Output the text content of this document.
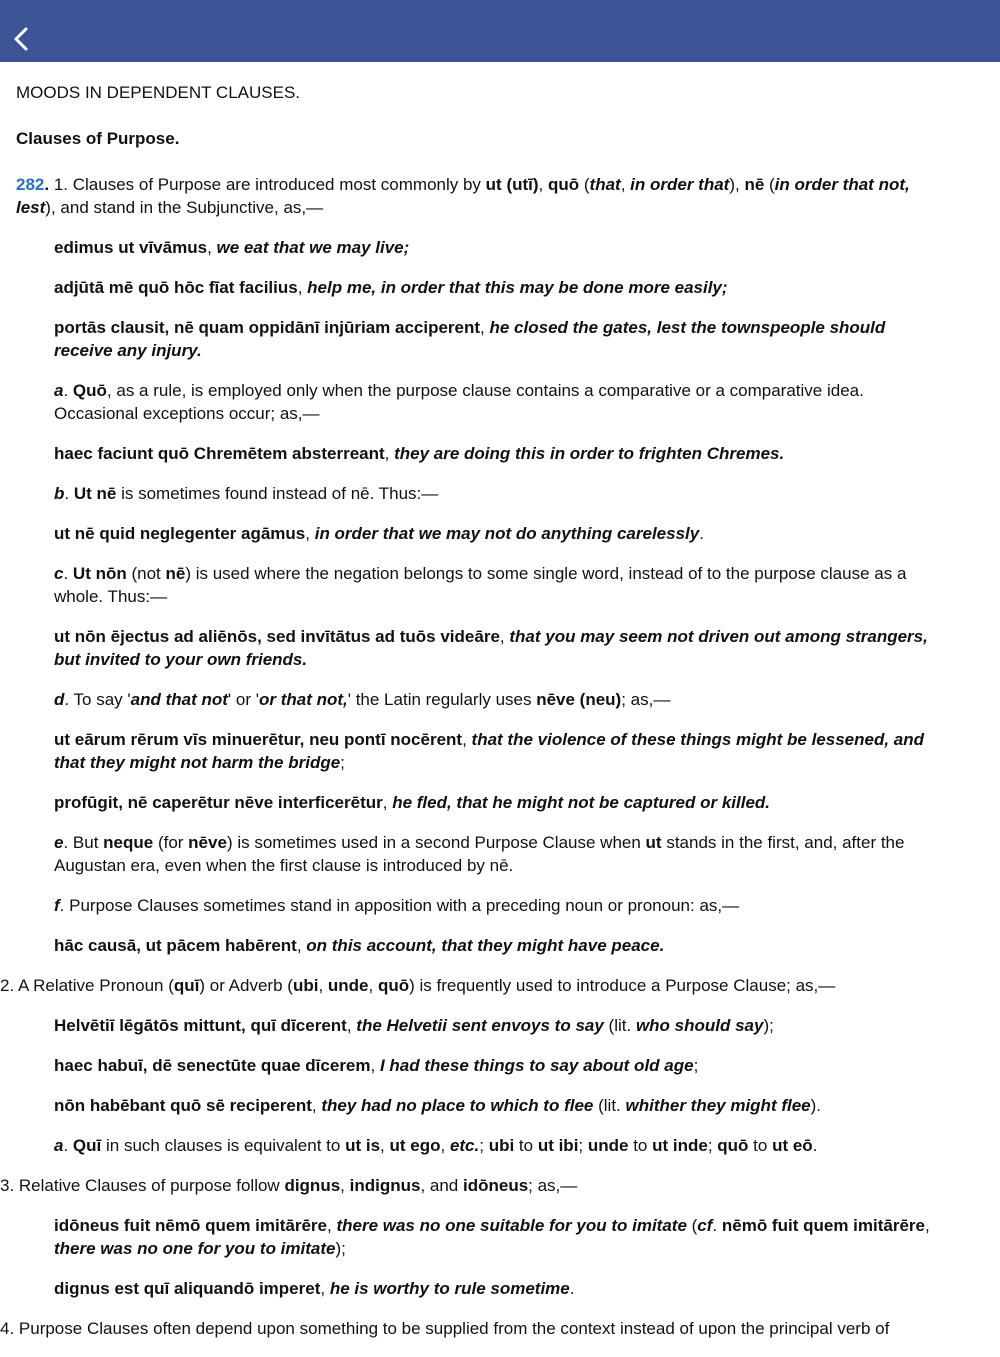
MOODS IN DEPENDENT CLAUSES.
Clauses of Purpose.

282. 1. Clauses of Purpose are introduced most commonly by ut (utī), quō (that, in order that), nē (in order that not, lest), and stand in the Subjunctive, as,—

edimus ut vīvāmus, we eat that we may live;

adjūtā mē quō hōc fīat facilius, help me, in order that this may be done more easily;

portās clausit, nē quam oppidānī injūriam acciperent, he closed the gates, lest the townspeople should receive any injury.

a. Quō, as a rule, is employed only when the purpose clause contains a comparative or a comparative idea. Occasional exceptions occur; as,—

haec faciunt quō Chremētem absterreant, they are doing this in order to frighten Chremes.

b. Ut nē is sometimes found instead of nē. Thus:—

ut nē quid neglegenter agāmus, in order that we may not do anything carelessly.

c. Ut nōn (not nē) is used where the negation belongs to some single word, instead of to the purpose clause as a whole. Thus:—

ut nōn ējectus ad aliēnōs, sed invītātus ad tuōs videāre, that you may seem not driven out among strangers, but invited to your own friends.

d. To say 'and that not' or 'or that not,' the Latin regularly uses nēve (neu); as,—

ut eārum rērum vīs minuerētur, neu pontī nocērent, that the violence of these things might be lessened, and that they might not harm the bridge;

profūgit, nē caperētur nēve interficerētur, he fled, that he might not be captured or killed.

e. But neque (for nēve) is sometimes used in a second Purpose Clause when ut stands in the first, and, after the Augustan era, even when the first clause is introduced by nē.

f. Purpose Clauses sometimes stand in apposition with a preceding noun or pronoun: as,—

hāc causā, ut pācem habērent, on this account, that they might have peace.

2. A Relative Pronoun (quī) or Adverb (ubi, unde, quō) is frequently used to introduce a Purpose Clause; as,—

Helvētiī lēgātōs mittunt, quī dīcerent, the Helvetii sent envoys to say (lit. who should say);

haec habuī, dē senectūte quae dīcerem, I had these things to say about old age;

nōn habēbant quō sē reciperent, they had no place to which to flee (lit. whither they might flee).

a. Quī in such clauses is equivalent to ut is, ut ego, etc.; ubi to ut ibi; unde to ut inde; quō to ut eō.

3. Relative Clauses of purpose follow dignus, indignus, and idōneus; as,—

idōneus fuit nēmō quem imitārēre, there was no one suitable for you to imitate (cf. nēmō fuit quem imitārēre, there was no one for you to imitate);

dignus est quī aliquandō imperet, he is worthy to rule sometime.

4. Purpose Clauses often depend upon something to be supplied from the context instead of upon the principal verb of
